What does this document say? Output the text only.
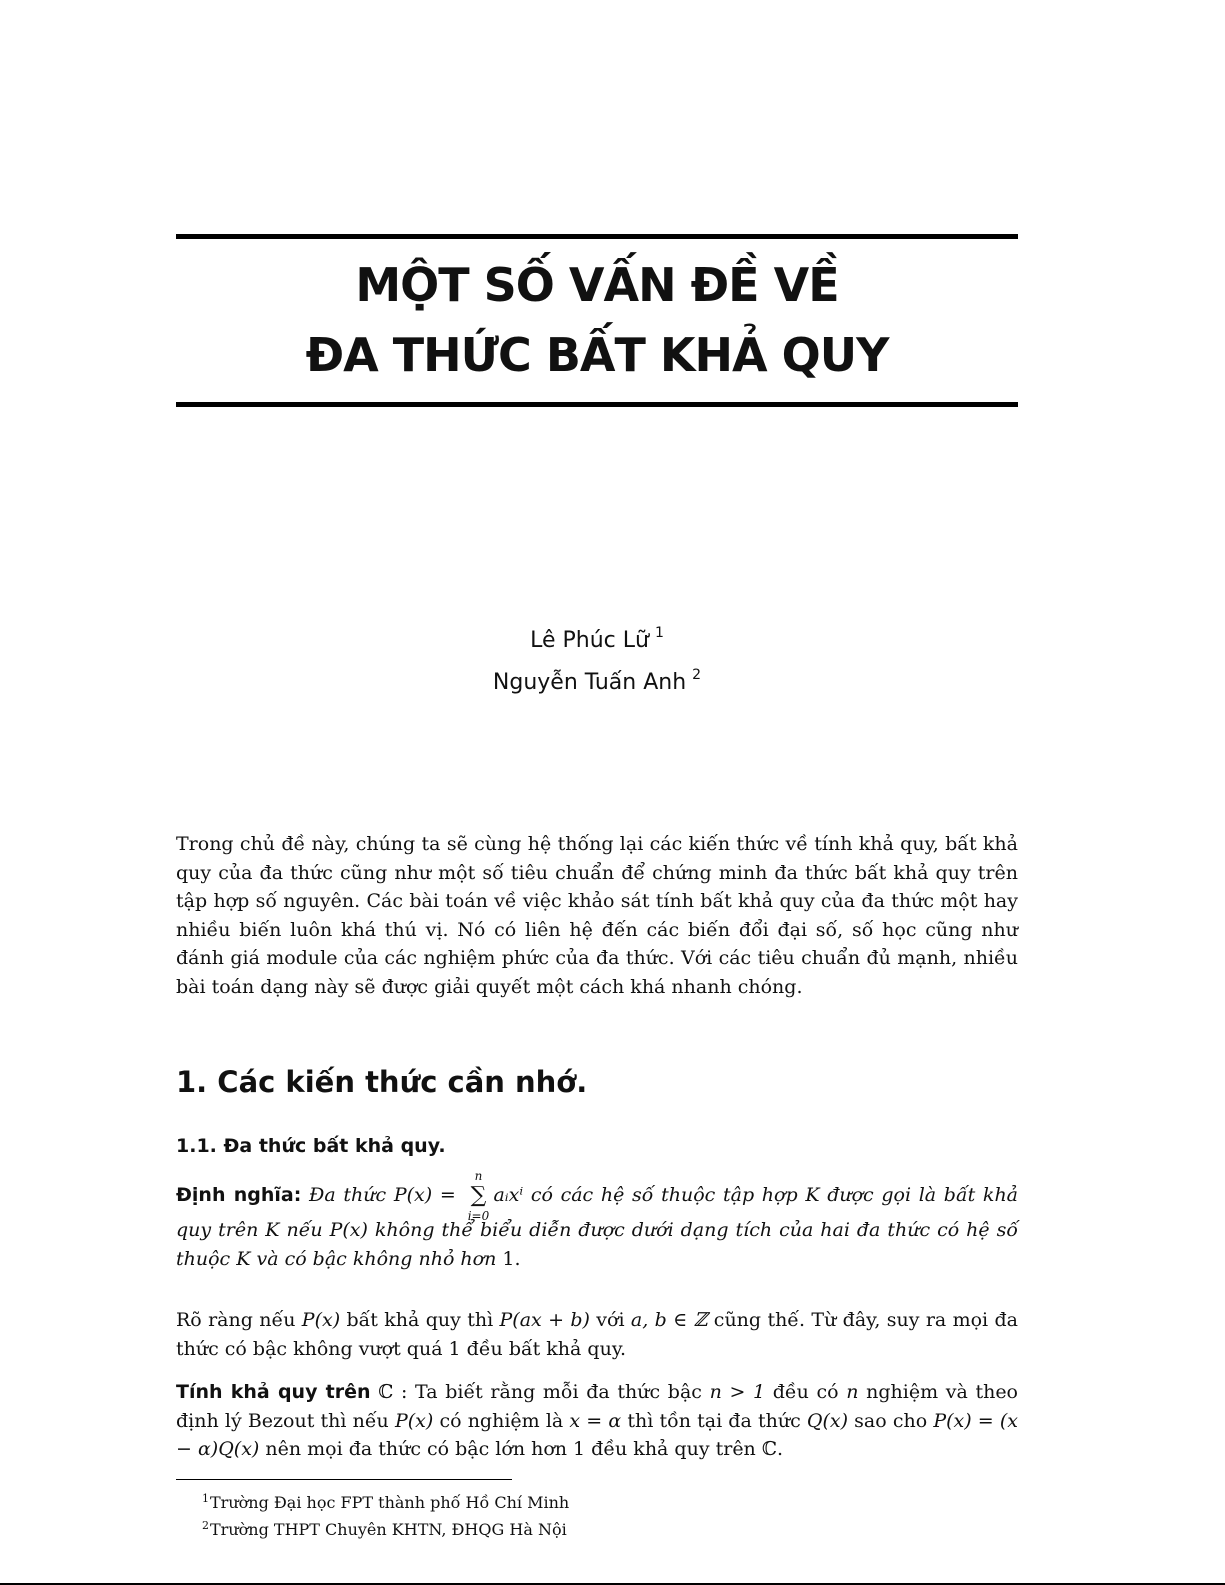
MỘT SỐ VẤN ĐỀ VỀ
ĐA THỨC BẤT KHẢ QUY
Lê Phúc Lữ $^1$
Nguyễn Tuấn Anh $^2$
Trong chủ đề này, chúng ta sẽ cùng hệ thống lại các kiến thức về tính khả quy, bất khả quy của đa thức cũng như một số tiêu chuẩn để chứng minh đa thức bất khả quy trên tập hợp số nguyên. Các bài toán về việc khảo sát tính bất khả quy của đa thức một hay nhiều biến luôn khá thú vị. Nó có liên hệ đến các biến đổi đại số, số học cũng như đánh giá module của các nghiệm phức của đa thức. Với các tiêu chuẩn đủ mạnh, nhiều bài toán dạng này sẽ được giải quyết một cách khá nhanh chóng.
1. Các kiến thức cần nhớ.
1.1. Đa thức bất khả quy.
Định nghĩa: Đa thức P(x) =
n
∑
i=0
aᵢxⁱ có các hệ số thuộc tập hợp K được gọi là bất khả quy trên K nếu P(x) không thể biểu diễn được dưới dạng tích của hai đa thức có hệ số thuộc K và có bậc không nhỏ hơn 1.
Rõ ràng nếu P(x) bất khả quy thì P(ax + b) với a, b ∈ ℤ cũng thế. Từ đây, suy ra mọi đa thức có bậc không vượt quá 1 đều bất khả quy.
Tính khả quy trên ℂ : Ta biết rằng mỗi đa thức bậc n > 1 đều có n nghiệm và theo định lý Bezout thì nếu P(x) có nghiệm là x = α thì tồn tại đa thức Q(x) sao cho P(x) = (x − α)Q(x) nên mọi đa thức có bậc lớn hơn 1 đều khả quy trên ℂ.
$^1$Trường Đại học FPT thành phố Hồ Chí Minh
$^2$Trường THPT Chuyên KHTN, ĐHQG Hà Nội
